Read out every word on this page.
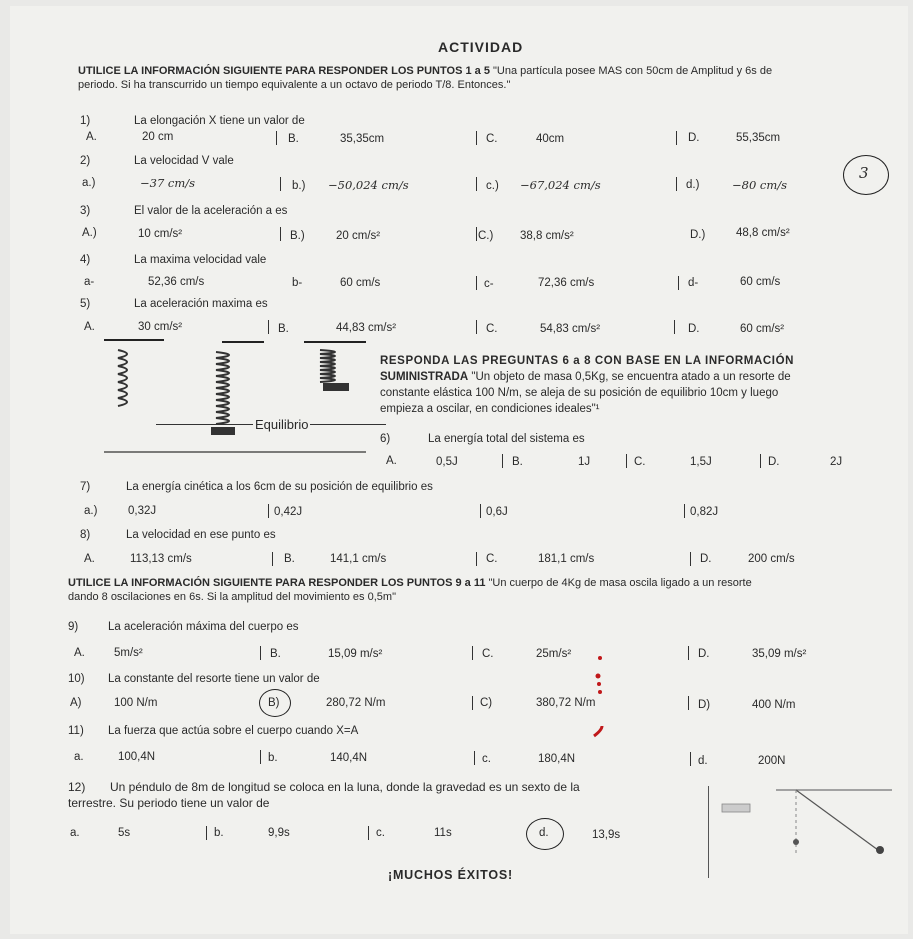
ACTIVIDAD
UTILICE LA INFORMACIÓN SIGUIENTE PARA RESPONDER LOS PUNTOS 1 a 5 "Una partícula posee MAS con 50cm de Amplitud y 6s de
periodo. Si ha transcurrido un tiempo equivalente a un octavo de periodo T/8. Entonces."
1)	La elongación X tiene un valor de
A.	20 cm	B.	35,35cm	C.	40cm	D.	55,35cm
2)	La velocidad V vale
a.)	−37 cm/s	b.) −50,024 cm/s	c.) −67,024 cm/s	d.)	−80 cm/s
3
3)	El valor de la aceleración a es
A.)	10 cm/s²	B.)	20 cm/s²	C.) 38,8 cm/s²	D.)	48,8 cm/s²
4)	La maxima velocidad vale
a-	52,36 cm/s	b-	60 cm/s	c-	72,36 cm/s	d-	60 cm/s
5)	La aceleración maxima es
A.	30 cm/s²	B.	44,83 cm/s²	C.	54,83 cm/s²	D.	60 cm/s²
Equilibrio
RESPONDA LAS PREGUNTAS 6 a 8 CON BASE EN LA INFORMACIÓN
SUMINISTRADA "Un objeto de masa 0,5Kg, se encuentra atado a un resorte de
constante elástica 100 N/m, se aleja de su posición de equilibrio 10cm y luego
empieza a oscilar, en condiciones ideales"¹
6)	La energía total del sistema es
A.	0,5J	B.	1J	C.	1,5J	D.	2J
7)	La energía cinética a los 6cm de su posición de equilibrio es
a.)	0,32J	0,42J	0,6J	0,82J
8)	La velocidad en ese punto es
A.	113,13 cm/s	B.	141,1 cm/s	C.	181,1 cm/s	D.	200 cm/s
UTILICE LA INFORMACIÓN SIGUIENTE PARA RESPONDER LOS PUNTOS 9 a 11 "Un cuerpo de 4Kg de masa oscila ligado a un resorte
dando 8 oscilaciones en 6s. Si la amplitud del movimiento es 0,5m"
9)	La aceleración máxima del cuerpo es
A.	5m/s²	B.	15,09 m/s²	C.	25m/s²	D.	35,09 m/s²
10) La constante del resorte tiene un valor de
A)	100 N/m	B)	280,72 N/m	C)	380,72 N/m	D)	400 N/m
11) La fuerza que actúa sobre el cuerpo cuando X=A
a.	100,4N	b.	140,4N	c.	180,4N	d.	200N
12) Un péndulo de 8m de longitud se coloca en la luna, donde la gravedad es un sexto de la
terrestre. Su periodo tiene un valor de
a.	5s	b.	9,9s	c.	11s	d.	13,9s
¡MUCHOS ÉXITOS!
